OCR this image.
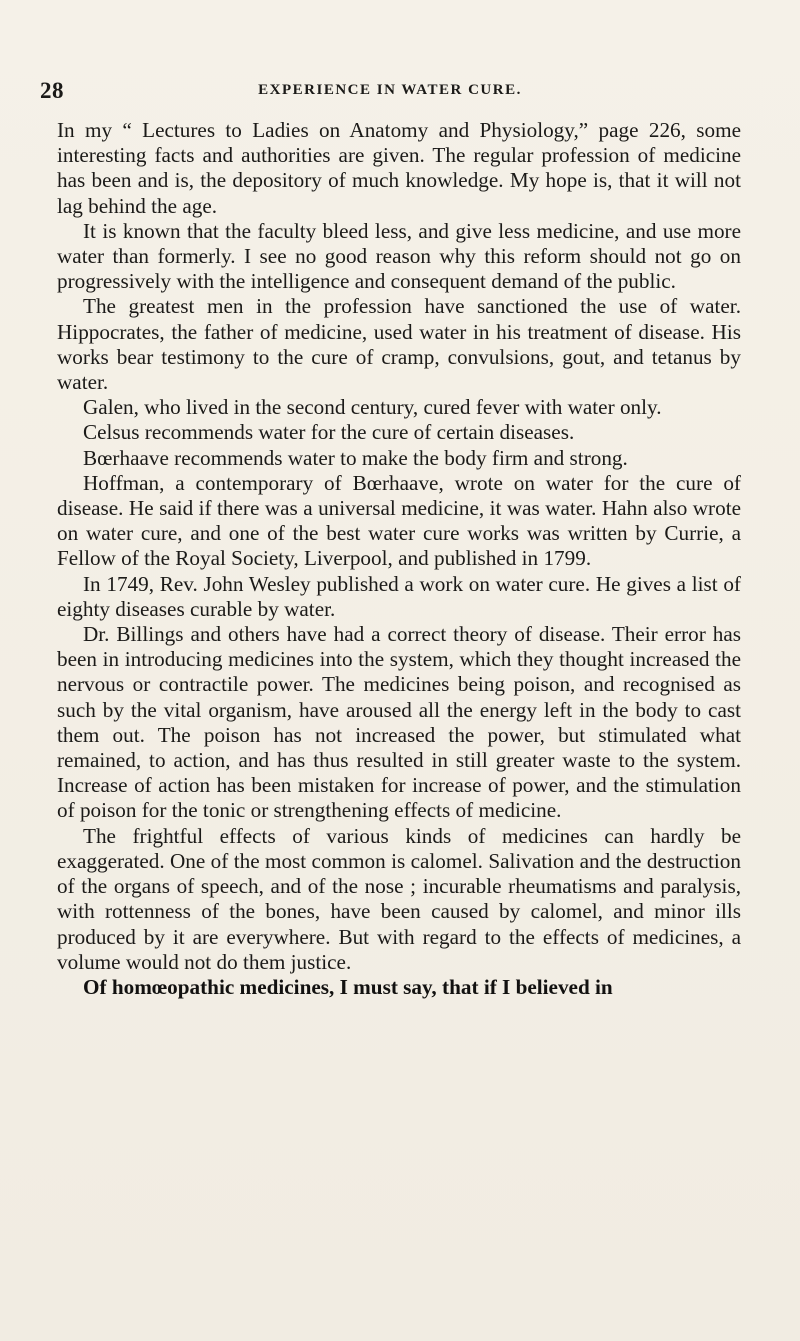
28	EXPERIENCE IN WATER CURE.

In my “ Lectures to Ladies on Anatomy and Physiology,” page 226, some interesting facts and authorities are given. The regular profession of medicine has been and is, the depository of much knowledge. My hope is, that it will not lag behind the age.

It is known that the faculty bleed less, and give less medicine, and use more water than formerly. I see no good reason why this reform should not go on progressively with the intelligence and consequent demand of the public.

The greatest men in the profession have sanctioned the use of water. Hippocrates, the father of medicine, used water in his treatment of disease. His works bear testimony to the cure of cramp, convulsions, gout, and tetanus by water.

Galen, who lived in the second century, cured fever with water only.

Celsus recommends water for the cure of certain diseases.

Bœrhaave recommends water to make the body firm and strong.

Hoffman, a contemporary of Bœrhaave, wrote on water for the cure of disease. He said if there was a universal medicine, it was water. Hahn also wrote on water cure, and one of the best water cure works was written by Currie, a Fellow of the Royal Society, Liverpool, and published in 1799.

In 1749, Rev. John Wesley published a work on water cure. He gives a list of eighty diseases curable by water.

Dr. Billings and others have had a correct theory of disease. Their error has been in introducing medicines into the system, which they thought increased the nervous or contractile power. The medicines being poison, and recognised as such by the vital organism, have aroused all the energy left in the body to cast them out. The poison has not increased the power, but stimulated what remained, to action, and has thus resulted in still greater waste to the system. Increase of action has been mistaken for increase of power, and the stimulation of poison for the tonic or strengthening effects of medicine.

The frightful effects of various kinds of medicines can hardly be exaggerated. One of the most common is calomel. Salivation and the destruction of the organs of speech, and of the nose ; incurable rheumatisms and paralysis, with rottenness of the bones, have been caused by calomel, and minor ills produced by it are everywhere. But with regard to the effects of medicines, a volume would not do them justice.

Of homœopathic medicines, I must say, that if I believed in
